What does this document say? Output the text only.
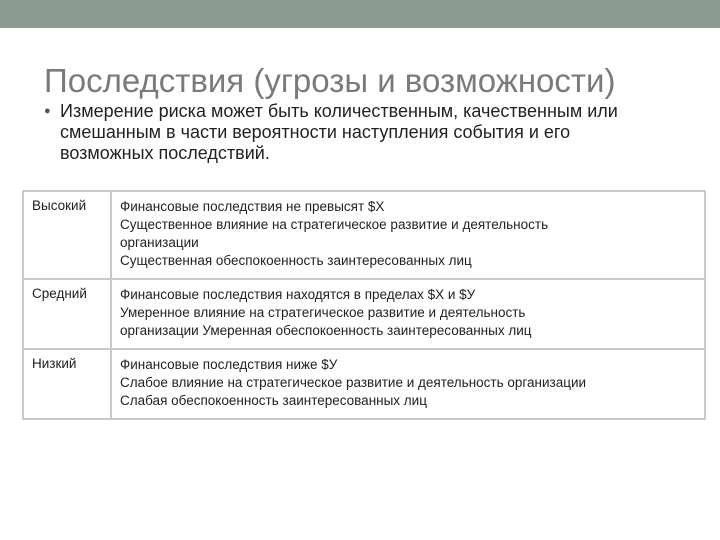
Последствия (угрозы и возможности)
● Измерение риска может быть количественным, качественным или
смешанным в части вероятности наступления события и его
возможных последствий.
Высокий	Финансовые последствия не превысят $X
Существенное влияние на стратегическое развитие и деятельность
организации
Существенная обеспокоенность заинтересованных лиц

Средний	Финансовые последствия находятся в пределах $X и $У
Умеренное влияние на стратегическое развитие и деятельность
организации Умеренная обеспокоенность заинтересованных лиц

Низкий	Финансовые последствия ниже $У
Слабое влияние на стратегическое развитие и деятельность организации
Слабая обеспокоенность заинтересованных лиц
